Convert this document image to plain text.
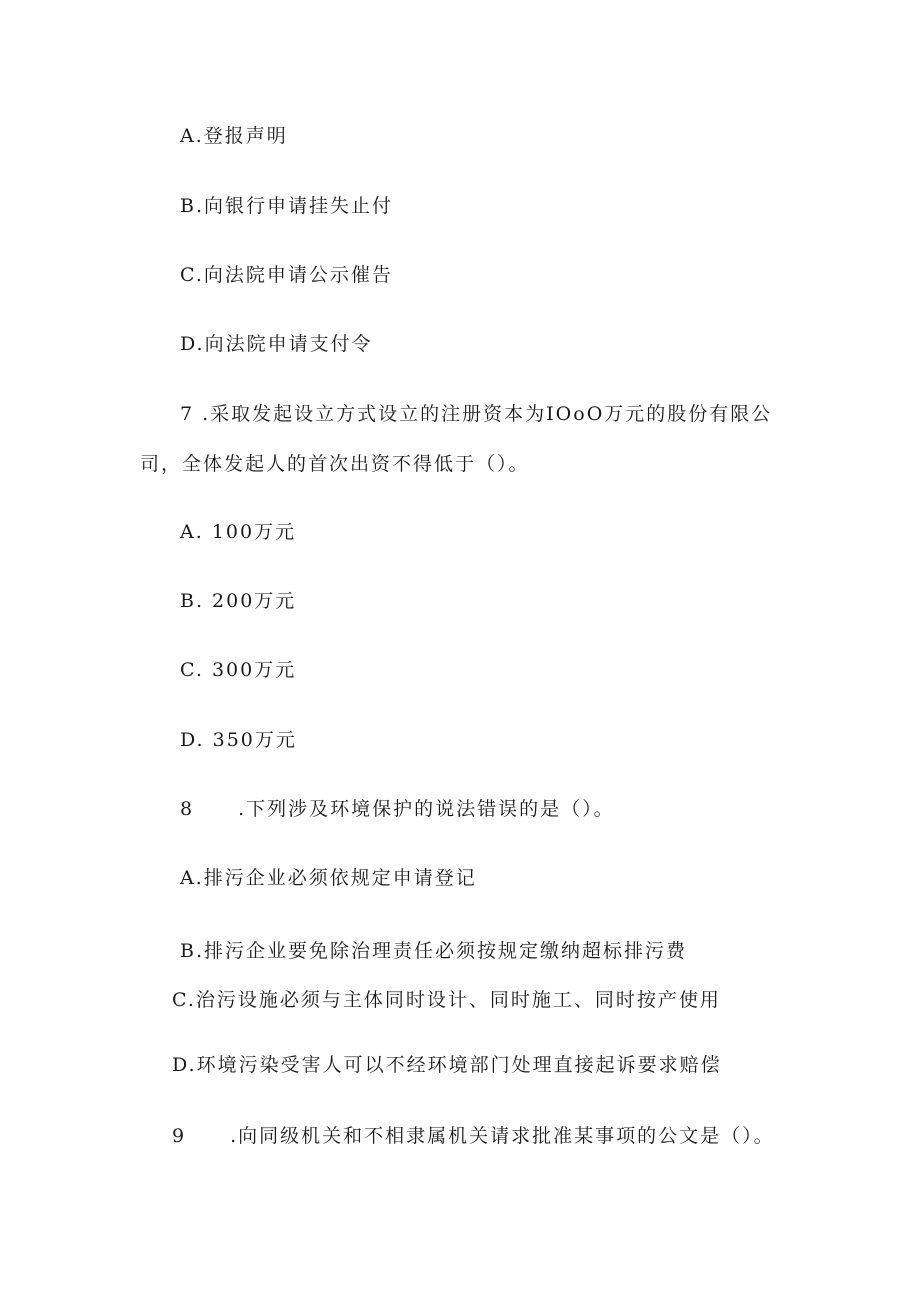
A.登报声明
B.向银行申请挂失止付
C.向法院申请公示催告
D.向法院申请支付令
7 .采取发起设立方式设立的注册资本为IOoO万元的股份有限公
司，全体发起人的首次出资不得低于（）。
A. 100万元
B. 200万元
C. 300万元
D. 350万元
8 .下列涉及环境保护的说法错误的是（）。
A.排污企业必须依规定申请登记
B.排污企业要免除治理责任必须按规定缴纳超标排污费
C.治污设施必须与主体同时设计、同时施工、同时按产使用
D.环境污染受害人可以不经环境部门处理直接起诉要求赔偿
9 .向同级机关和不相隶属机关请求批准某事项的公文是（）。
